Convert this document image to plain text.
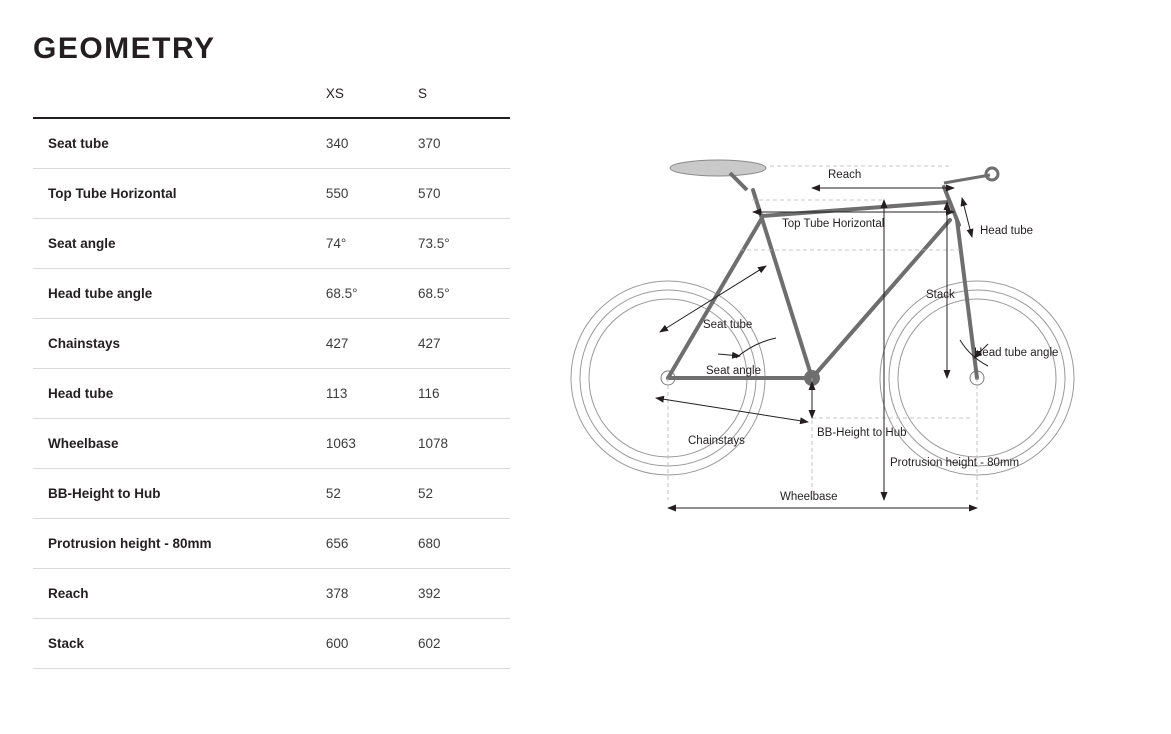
GEOMETRY
	XS	S
Seat tube	340	370
Top Tube Horizontal	550	570
Seat angle	74°	73.5°
Head tube angle	68.5°	68.5°
Chainstays	427	427
Head tube	113	116
Wheelbase	1063	1078
BB-Height to Hub	52	52
Protrusion height - 80mm	656	680
Reach	378	392
Stack	600	602
Reach
Top Tube Horizontal
Head tube
Stack
Seat tube
Seat angle
Head tube angle
Chainstays
BB-Height to Hub
Protrusion height - 80mm
Wheelbase
